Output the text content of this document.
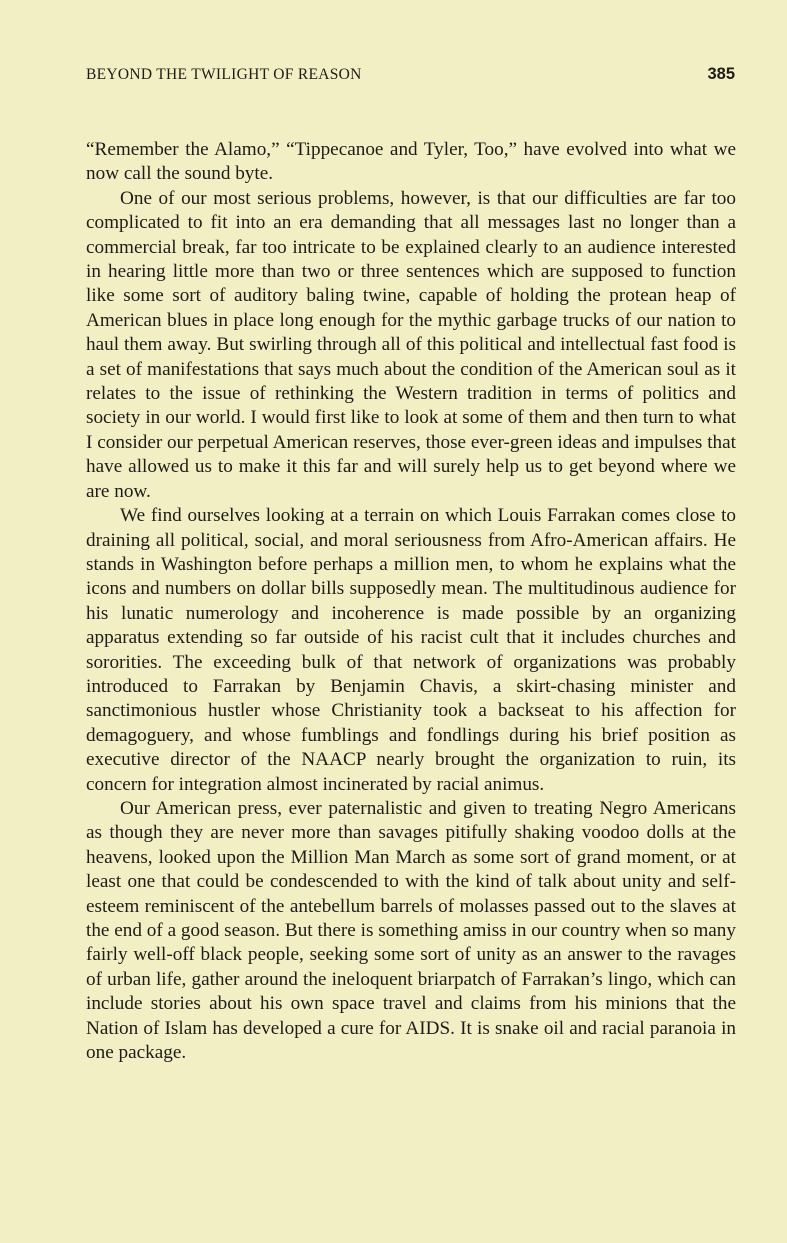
BEYOND THE TWILIGHT OF REASON	385

“Remember the Alamo,” “Tippecanoe and Tyler, Too,” have evolved into what we now call the sound byte.

One of our most serious problems, however, is that our difficulties are far too complicated to fit into an era demanding that all messages last no longer than a commercial break, far too intricate to be explained clearly to an audience interested in hearing little more than two or three sentences which are supposed to function like some sort of auditory baling twine, capable of holding the protean heap of American blues in place long enough for the mythic garbage trucks of our nation to haul them away. But swirling through all of this political and intellectual fast food is a set of manifestations that says much about the condition of the American soul as it relates to the issue of rethinking the Western tradition in terms of politics and society in our world. I would first like to look at some of them and then turn to what I consider our perpetual American reserves, those ever-green ideas and impulses that have allowed us to make it this far and will surely help us to get beyond where we are now.

We find ourselves looking at a terrain on which Louis Farrakan comes close to draining all political, social, and moral seriousness from Afro-American affairs. He stands in Washington before perhaps a million men, to whom he explains what the icons and numbers on dollar bills supposedly mean. The multitudinous audience for his lunatic numerology and incoherence is made possible by an organizing apparatus extending so far outside of his racist cult that it includes churches and sororities. The exceeding bulk of that network of organizations was probably introduced to Farrakan by Benjamin Chavis, a skirt-chasing minister and sanctimonious hustler whose Christianity took a backseat to his affection for demagoguery, and whose fumblings and fondlings during his brief position as executive director of the NAACP nearly brought the organization to ruin, its concern for integration almost incinerated by racial animus.

Our American press, ever paternalistic and given to treating Negro Americans as though they are never more than savages pitifully shaking voodoo dolls at the heavens, looked upon the Million Man March as some sort of grand moment, or at least one that could be condescended to with the kind of talk about unity and self-esteem reminiscent of the antebellum barrels of molasses passed out to the slaves at the end of a good season. But there is something amiss in our country when so many fairly well-off black people, seeking some sort of unity as an answer to the ravages of urban life, gather around the ineloquent briarpatch of Farrakan’s lingo, which can include stories about his own space travel and claims from his minions that the Nation of Islam has developed a cure for AIDS. It is snake oil and racial paranoia in one package.
